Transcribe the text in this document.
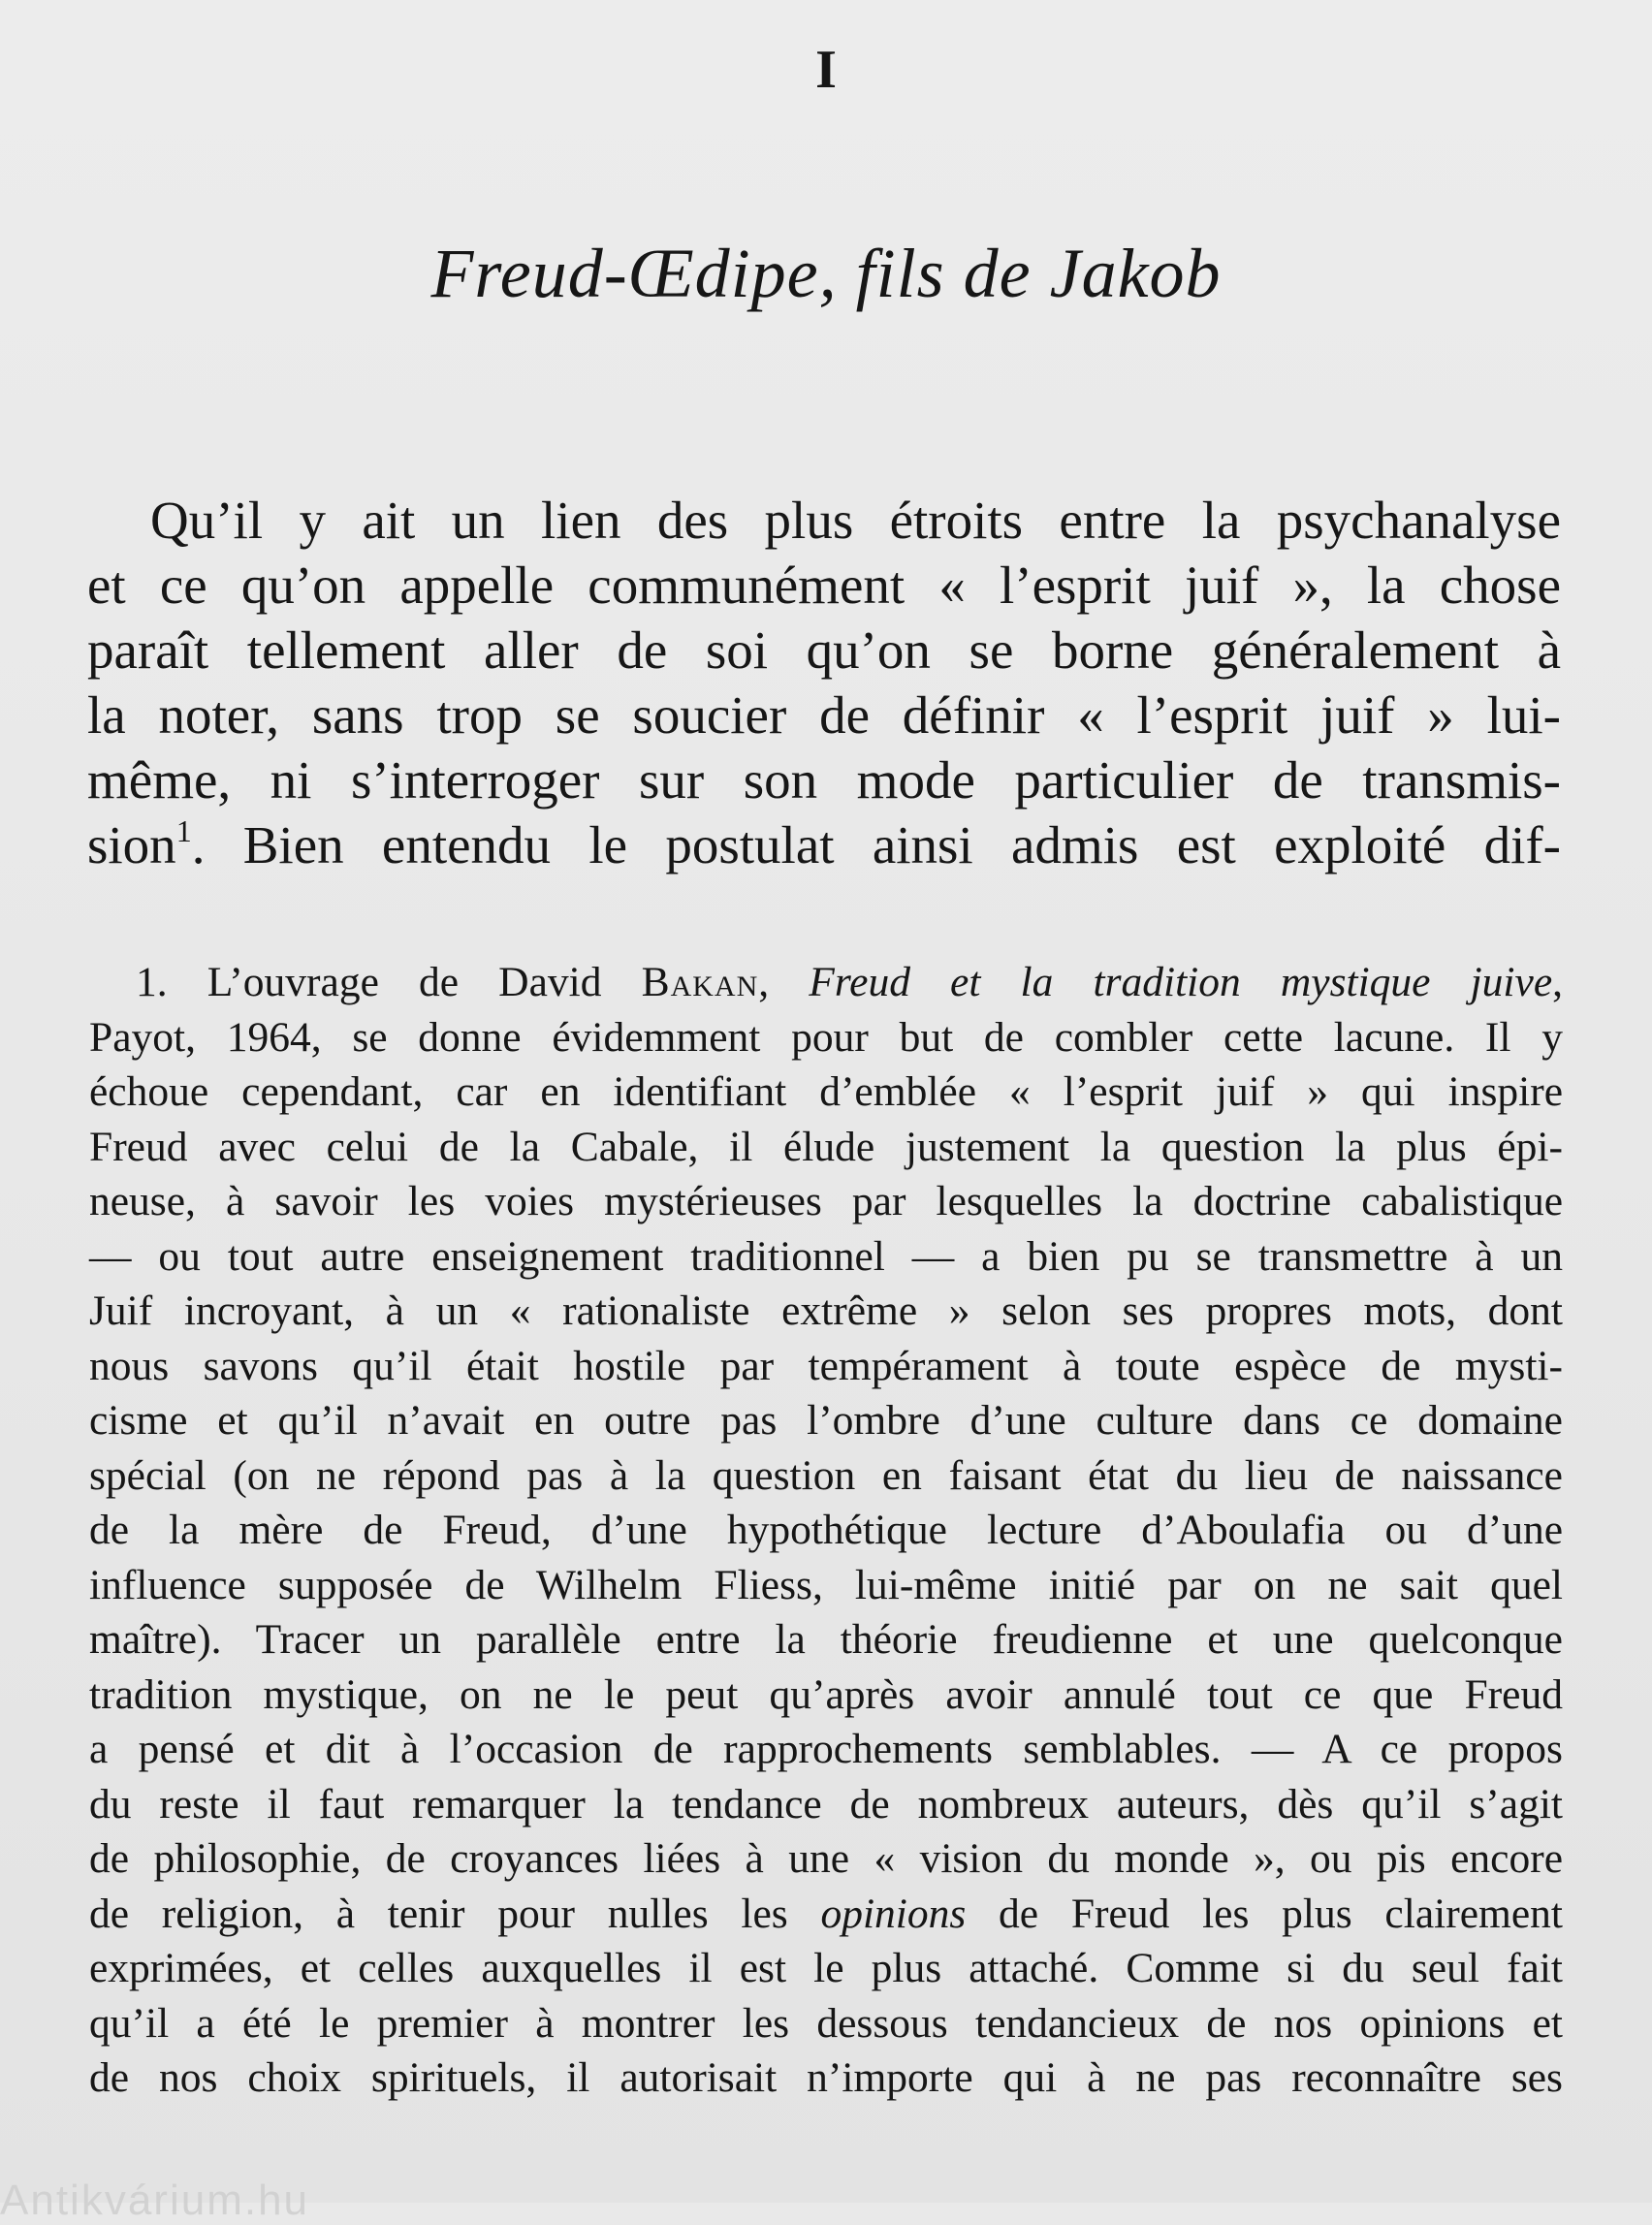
I
Freud-Œdipe, fils de Jakob
Qu’il y ait un lien des plus étroits entre la psychanalyse
et ce qu’on appelle communément « l’esprit juif », la chose
paraît tellement aller de soi qu’on se borne généralement à
la noter, sans trop se soucier de définir « l’esprit juif » lui-
même, ni s’interroger sur son mode particulier de transmis-
sion$^1$. Bien entendu le postulat ainsi admis est exploité dif-
1. L’ouvrage de David Bakan, Freud et la tradition mystique juive,
Payot, 1964, se donne évidemment pour but de combler cette lacune. Il y
échoue cependant, car en identifiant d’emblée « l’esprit juif » qui inspire
Freud avec celui de la Cabale, il élude justement la question la plus épi-
neuse, à savoir les voies mystérieuses par lesquelles la doctrine cabalistique
— ou tout autre enseignement traditionnel — a bien pu se transmettre à un
Juif incroyant, à un « rationaliste extrême » selon ses propres mots, dont
nous savons qu’il était hostile par tempérament à toute espèce de mysti-
cisme et qu’il n’avait en outre pas l’ombre d’une culture dans ce domaine
spécial (on ne répond pas à la question en faisant état du lieu de naissance
de la mère de Freud, d’une hypothétique lecture d’Aboulafia ou d’une
influence supposée de Wilhelm Fliess, lui-même initié par on ne sait quel
maître). Tracer un parallèle entre la théorie freudienne et une quelconque
tradition mystique, on ne le peut qu’après avoir annulé tout ce que Freud
a pensé et dit à l’occasion de rapprochements semblables. — A ce propos
du reste il faut remarquer la tendance de nombreux auteurs, dès qu’il s’agit
de philosophie, de croyances liées à une « vision du monde », ou pis encore
de religion, à tenir pour nulles les opinions de Freud les plus clairement
exprimées, et celles auxquelles il est le plus attaché. Comme si du seul fait
qu’il a été le premier à montrer les dessous tendancieux de nos opinions et
de nos choix spirituels, il autorisait n’importe qui à ne pas reconnaître ses
Antikvárium.hu
